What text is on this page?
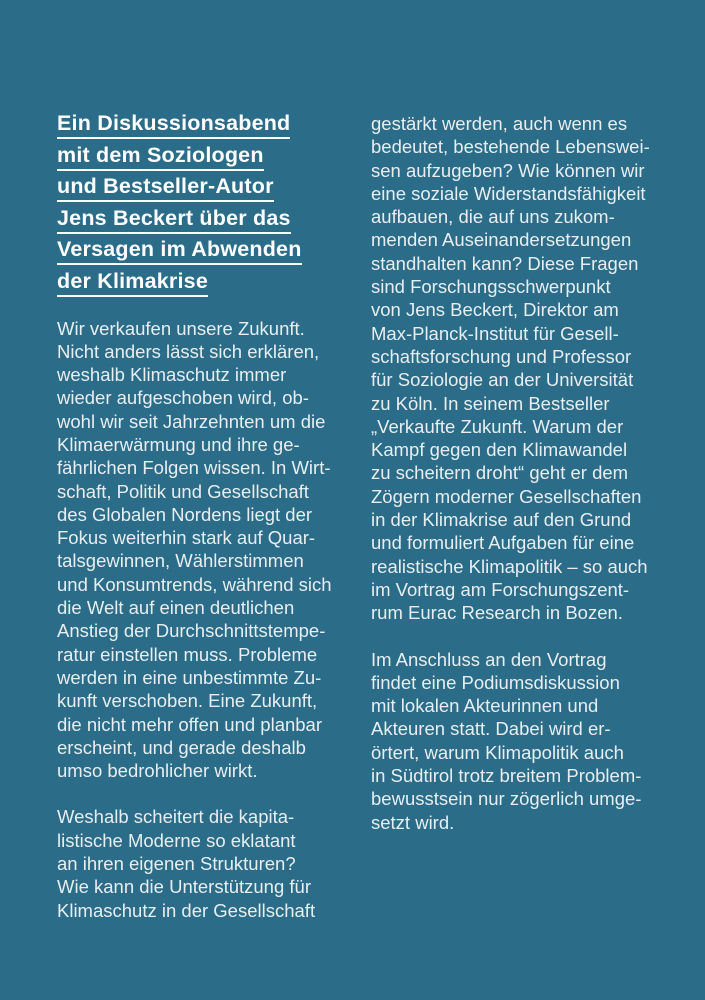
Ein Diskussionsabend
mit dem Soziologen
und Bestseller-Autor
Jens Beckert über das
Versagen im Abwenden
der Klimakrise
Wir verkaufen unsere Zukunft.
Nicht anders lässt sich erklären,
weshalb Klimaschutz immer
wieder aufgeschoben wird, ob-
wohl wir seit Jahrzehnten um die
Klimaerwärmung und ihre ge-
fährlichen Folgen wissen. In Wirt-
schaft, Politik und Gesellschaft
des Globalen Nordens liegt der
Fokus weiterhin stark auf Quar-
talsgewinnen, Wählerstimmen
und Konsumtrends, während sich
die Welt auf einen deutlichen
Anstieg der Durchschnittstempe-
ratur einstellen muss. Probleme
werden in eine unbestimmte Zu-
kunft verschoben. Eine Zukunft,
die nicht mehr offen und planbar
erscheint, und gerade deshalb
umso bedrohlicher wirkt.
Weshalb scheitert die kapita-
listische Moderne so eklatant
an ihren eigenen Strukturen?
Wie kann die Unterstützung für
Klimaschutz in der Gesellschaft
gestärkt werden, auch wenn es
bedeutet, bestehende Lebenswei-
sen aufzugeben? Wie können wir
eine soziale Widerstandsfähigkeit
aufbauen, die auf uns zukom-
menden Auseinandersetzungen
standhalten kann? Diese Fragen
sind Forschungsschwerpunkt
von Jens Beckert, Direktor am
Max-Planck-Institut für Gesell-
schaftsforschung und Professor
für Soziologie an der Universität
zu Köln. In seinem Bestseller
„Verkaufte Zukunft. Warum der
Kampf gegen den Klimawandel
zu scheitern droht“ geht er dem
Zögern moderner Gesellschaften
in der Klimakrise auf den Grund
und formuliert Aufgaben für eine
realistische Klimapolitik – so auch
im Vortrag am Forschungszent-
rum Eurac Research in Bozen.
Im Anschluss an den Vortrag
findet eine Podiumsdiskussion
mit lokalen Akteurinnen und
Akteuren statt. Dabei wird er-
örtert, warum Klimapolitik auch
in Südtirol trotz breitem Problem-
bewusstsein nur zögerlich umge-
setzt wird.
